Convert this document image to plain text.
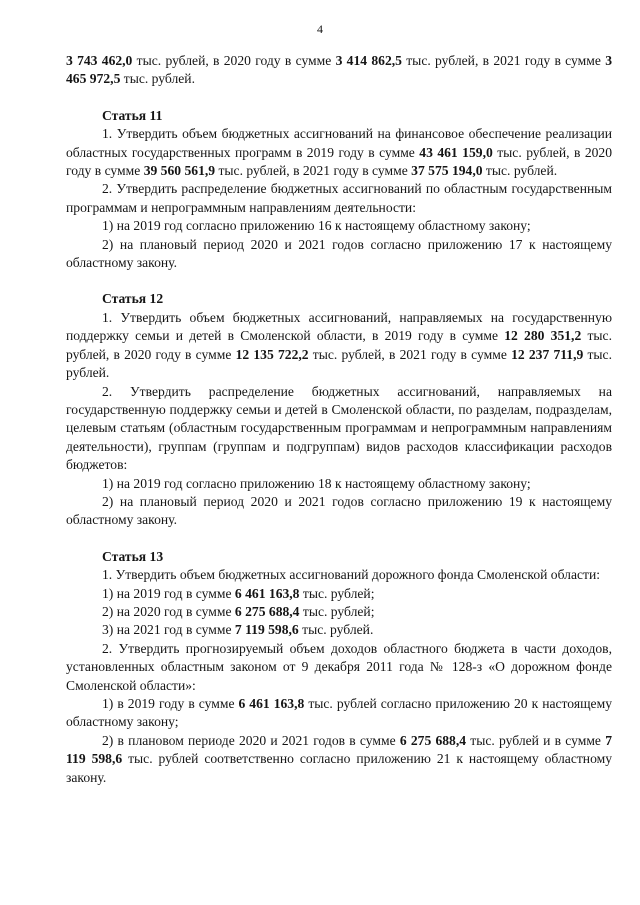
4

3 743 462,0 тыс. рублей, в 2020 году в сумме 3 414 862,5 тыс. рублей, в 2021 году в сумме 3 465 972,5 тыс. рублей.

Статья 11

1. Утвердить объем бюджетных ассигнований на финансовое обеспечение реализации областных государственных программ в 2019 году в сумме 43 461 159,0 тыс. рублей, в 2020 году в сумме 39 560 561,9 тыс. рублей, в 2021 году в сумме 37 575 194,0 тыс. рублей.

2. Утвердить распределение бюджетных ассигнований по областным государственным программам и непрограммным направлениям деятельности:

1) на 2019 год согласно приложению 16 к настоящему областному закону;

2) на плановый период 2020 и 2021 годов согласно приложению 17 к настоящему областному закону.

Статья 12

1. Утвердить объем бюджетных ассигнований, направляемых на государственную поддержку семьи и детей в Смоленской области, в 2019 году в сумме 12 280 351,2 тыс. рублей, в 2020 году в сумме 12 135 722,2 тыс. рублей, в 2021 году в сумме 12 237 711,9 тыс. рублей.

2. Утвердить распределение бюджетных ассигнований, направляемых на государственную поддержку семьи и детей в Смоленской области, по разделам, подразделам, целевым статьям (областным государственным программам и непрограммным направлениям деятельности), группам (группам и подгруппам) видов расходов классификации расходов бюджетов:

1) на 2019 год согласно приложению 18 к настоящему областному закону;

2) на плановый период 2020 и 2021 годов согласно приложению 19 к настоящему областному закону.

Статья 13

1. Утвердить объем бюджетных ассигнований дорожного фонда Смоленской области:

1) на 2019 год в сумме 6 461 163,8 тыс. рублей;

2) на 2020 год в сумме 6 275 688,4 тыс. рублей;

3) на 2021 год в сумме 7 119 598,6 тыс. рублей.

2. Утвердить прогнозируемый объем доходов областного бюджета в части доходов, установленных областным законом от 9 декабря 2011 года № 128-з «О дорожном фонде Смоленской области»:

1) в 2019 году в сумме 6 461 163,8 тыс. рублей согласно приложению 20 к настоящему областному закону;

2) в плановом периоде 2020 и 2021 годов в сумме 6 275 688,4 тыс. рублей и в сумме 7 119 598,6 тыс. рублей соответственно согласно приложению 21 к настоящему областному закону.
